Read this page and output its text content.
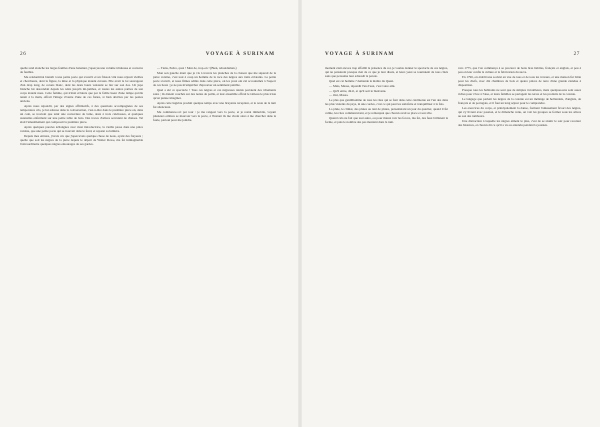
26	VOYAGE À SURINAM

quelle rend étanche les larges feuilles d'une bananier, j'aperçus une volume trituleuse et couverte de feuilles.

Me rendormirai bientôt à une petite porte qui s'ouvrit et un frisson vint nous réjouir vieilles et chercheurs, dont la figure, la mise et la physique étaient écrasés. Elle avait le lot sauvageon d'un drap long, de cotons blanc, dont les deux bouts venaient se lier sur son dos. Un jupe blanche lui descendait depuis les reins jusqu'à mi-jambes, et toutes les autres parties de son corps étaient nues. Cette femme, qui n'était éclairée que par la faible lueur d'une lampe qu'elle tenait à la main, offrait l'image vivante d'une de ces furies, si bien décrites par les poètes anciens.

Après nous répondit, par des signes affirmatifs, à des questions accompagnées de ses temporaires cris, je lui adresse dans la conversation, c'est-à-dire dans le première pièce où, dans un coin, se trouvait que tenir une couverture de laine, deux à trois calebasses, et quelques ustensiles enfermant sur une petite table de bois. Des traces d'arbres servaient de chaises. Tel était l'ameublement qui composait la première pièce.

Après quelques paroles échangées avec mon introductrice, la vieille passe dans une pièce voisine, que une petite porte qui se trouvait dans le fond, et reparut sa lumière.

Depuis mes entrées, j'avais cru que j'apercevais quelque chose de nous, ayant des frayeurs ; quelle que soit les nègres de la pièce depuis le départ de Walter Rowe, ma foi inimaginable l'extraordinaire quelques nègres entourages de ses gardes.

— Tiens, Pedro, quoi ! Mon de, trop-on ! (Bien, rebondamen.)

Mon son gauche étant que je vis à travers les planches de la cloison que me séparait de la pièce voisine, c'est tout à coup un homme de la race des nègres aux traits éclatants. La petite porte s'ouvrit, et nous fûmes admis dans cette pièce, où les yeux ont été accoutumés à l'aspect de ces lieux ; je ne pus m'empêcher d'éprouver un sentiment pénible.

Quel a été ce spectacle ! Tous ces nègres et ces négresses réunis portaient des vêtements sales ; ils étaient couchés sur des nattes de paille, et leur ensemble offrait le tableau le plus triste qu'on puisse imaginer.

Après cette lugubre produit quelque temps avec une bruyante réception, et le reste de la nuit fut silencieux.

Me commence-t-il par tour : je me rangeai vers la porte, et je restai immobile, voyant plusieurs ombres se mouvoir vers la porte, à l'instant ils me virent alors à me chercher dans la foule, partout pour me joindre.

VOYAGE À SURINAM	27

moment était encore trop affaibli la présence du roi, je voulus donner le spectacle de ces nègres, qui ne pensèrent presque rien de ce que je leur disais, et leurs yeux se tournaient de tous côtés sans que personne leur adressât la parole.

Quel est cet homme ? demande le maître du Quasi.

— Mais, Massa, répondit l'un d'eux, c'est votre ami.

— Qu'il entre, dit-il, et qu'il soit le bienvenu.

— Oui, Massa.

Le plus que gentilhomme de tous les rites qui se font dans cette cérémonie est l'un des dans les plus violents du pays, ni une cordes, c'est ce qui peut les satisfaire et tranquilliser à la fois.

La pluie, le climat, des pluies ou tant de pluies, présentèrent un jour du quartier, quand il fut calme, les rites commencèrent, et je remarquai que chacun avait sa place et son rôle.

Quand cela ne fait que tout autre, ou pour mieux voir les forces, ma foi, des feux brillaient la forme, et puis le nombre des pas montant dans la nuit.

vers 1775, que l'on commença à se procurer de bons bras habiles, français et anglais, et peu à peu on leur confia la culture et la fabrication du sucre.

En 1796, on établit une société en vue de tous et de tous les travaux, et une maison fut bâtie pour les chefs, avec dix chambres de bois et quatre pièces de terre d'une grande étendue à disposition.

Presque tous les habitants ne sont que de simples travailleurs, mais quelques-uns sont assez riches pour vivre à l'aise, et leurs familles se partagent les terres et les produits de la colonie.

Le langage que parlent les nègres de la colonie est un mélange de hollandais, d'anglais, de français et de portugais, et il faut un long séjour pour le comprendre.

Les exercices du corps, et principalement la danse, forment l'amusement favori des nègres, qui s'y livrent avec passion, et le dimanche venu, on voit les groupes se former sous les arbres au son des tambours.

Une distraction à laquelle les nègres aiment le plus, c'est de se réunir le soir pour raconter des histoires, et chacun dit ce qu'il a vu ou entendu pendant la journée.
